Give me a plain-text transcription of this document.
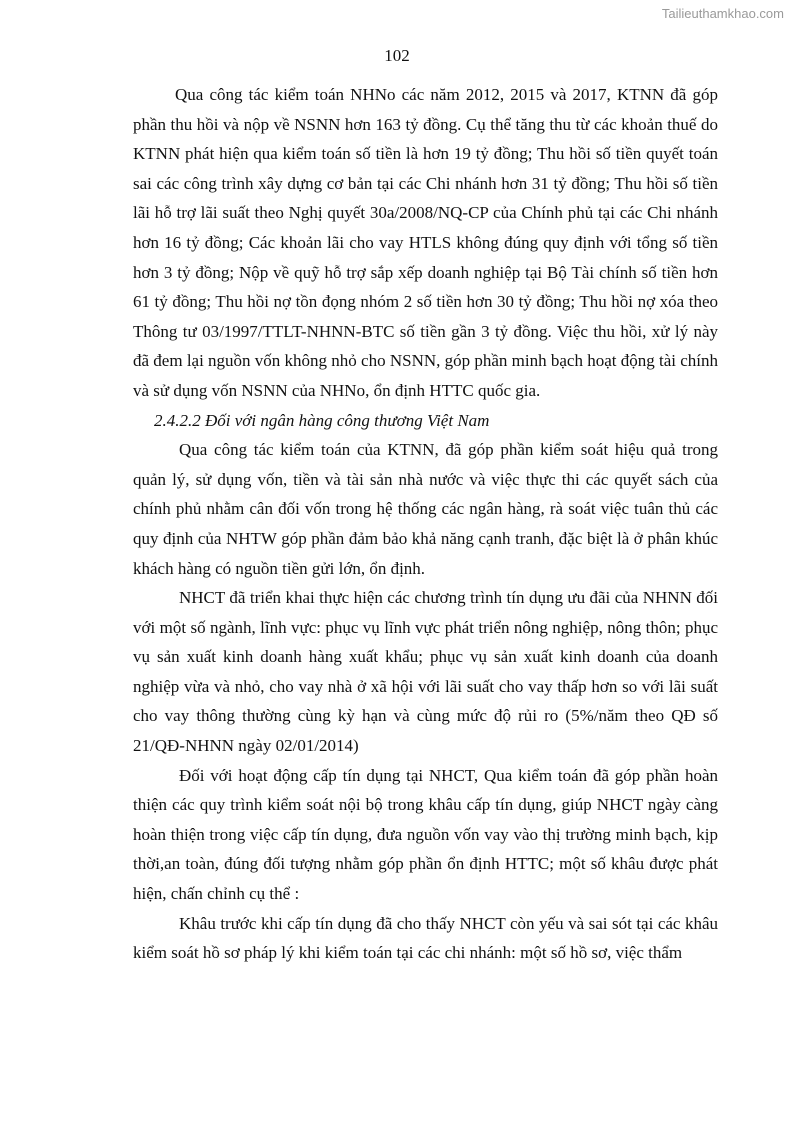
Tailieuthamkhao.com
102

Qua công tác kiểm toán NHNo các năm 2012, 2015 và 2017, KTNN đã góp phần thu hồi và nộp về NSNN hơn 163 tỷ đồng. Cụ thể tăng thu từ các khoản thuế do KTNN phát hiện qua kiểm toán số tiền là hơn 19 tỷ đồng; Thu hồi số tiền quyết toán sai các công trình xây dựng cơ bản tại các Chi nhánh hơn 31 tỷ đồng; Thu hồi số tiền lãi hỗ trợ lãi suất theo Nghị quyết 30a/2008/NQ-CP của Chính phủ tại các Chi nhánh hơn 16 tỷ đồng; Các khoản lãi cho vay HTLS không đúng quy định với tổng số tiền hơn 3 tỷ đồng; Nộp về quỹ hỗ trợ sắp xếp doanh nghiệp tại Bộ Tài chính số tiền hơn 61 tỷ đồng; Thu hồi nợ tồn đọng nhóm 2 số tiền hơn 30 tỷ đồng; Thu hồi nợ xóa theo Thông tư 03/1997/TTLT-NHNN-BTC số tiền gần 3 tỷ đồng. Việc thu hồi, xử lý này đã đem lại nguồn vốn không nhỏ cho NSNN, góp phần minh bạch hoạt động tài chính và sử dụng vốn NSNN của NHNo, ổn định HTTC quốc gia.

2.4.2.2 Đối với ngân hàng công thương Việt Nam

Qua công tác kiểm toán của KTNN, đã góp phần kiểm soát hiệu quả trong quản lý, sử dụng vốn, tiền và tài sản nhà nước và việc thực thi các quyết sách của chính phủ nhằm cân đối vốn trong hệ thống các ngân hàng, rà soát việc tuân thủ các quy định của NHTW góp phần đảm bảo khả năng cạnh tranh, đặc biệt là ở phân khúc khách hàng có nguồn tiền gửi lớn, ổn định.

NHCT đã triển khai thực hiện các chương trình tín dụng ưu đãi của NHNN đối với một số ngành, lĩnh vực: phục vụ lĩnh vực phát triển nông nghiệp, nông thôn; phục vụ sản xuất kinh doanh hàng xuất khẩu; phục vụ sản xuất kinh doanh của doanh nghiệp vừa và nhỏ, cho vay nhà ở xã hội với lãi suất cho vay thấp hơn so với lãi suất cho vay thông thường cùng kỳ hạn và cùng mức độ rủi ro (5%/năm theo QĐ số 21/QĐ-NHNN ngày 02/01/2014)

Đối với hoạt động cấp tín dụng tại NHCT, Qua kiểm toán đã góp phần hoàn thiện các quy trình kiểm soát nội bộ trong khâu cấp tín dụng, giúp NHCT ngày càng hoàn thiện trong việc cấp tín dụng, đưa nguồn vốn vay vào thị trường minh bạch, kịp thời,an toàn, đúng đối tượng nhằm góp phần ổn định HTTC; một số khâu được phát hiện, chấn chỉnh cụ thể :

Khâu trước khi cấp tín dụng đã cho thấy NHCT còn yếu và sai sót tại các khâu kiểm soát hồ sơ pháp lý khi kiểm toán tại các chi nhánh: một số hồ sơ, việc thẩm
